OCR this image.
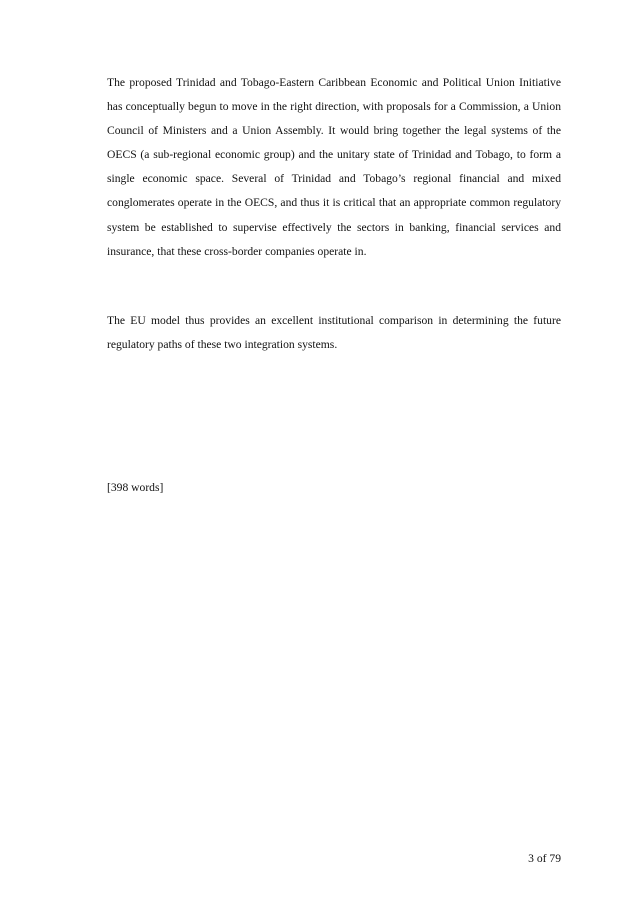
The proposed Trinidad and Tobago-Eastern Caribbean Economic and Political Union Initiative has conceptually begun to move in the right direction, with proposals for a Commission, a Union Council of Ministers and a Union Assembly. It would bring together the legal systems of the OECS (a sub-regional economic group) and the unitary state of Trinidad and Tobago, to form a single economic space. Several of Trinidad and Tobago’s regional financial and mixed conglomerates operate in the OECS, and thus it is critical that an appropriate common regulatory system be established to supervise effectively the sectors in banking, financial services and insurance, that these cross-border companies operate in.

The EU model thus provides an excellent institutional comparison in determining the future regulatory paths of these two integration systems.

[398 words]

3 of 79
